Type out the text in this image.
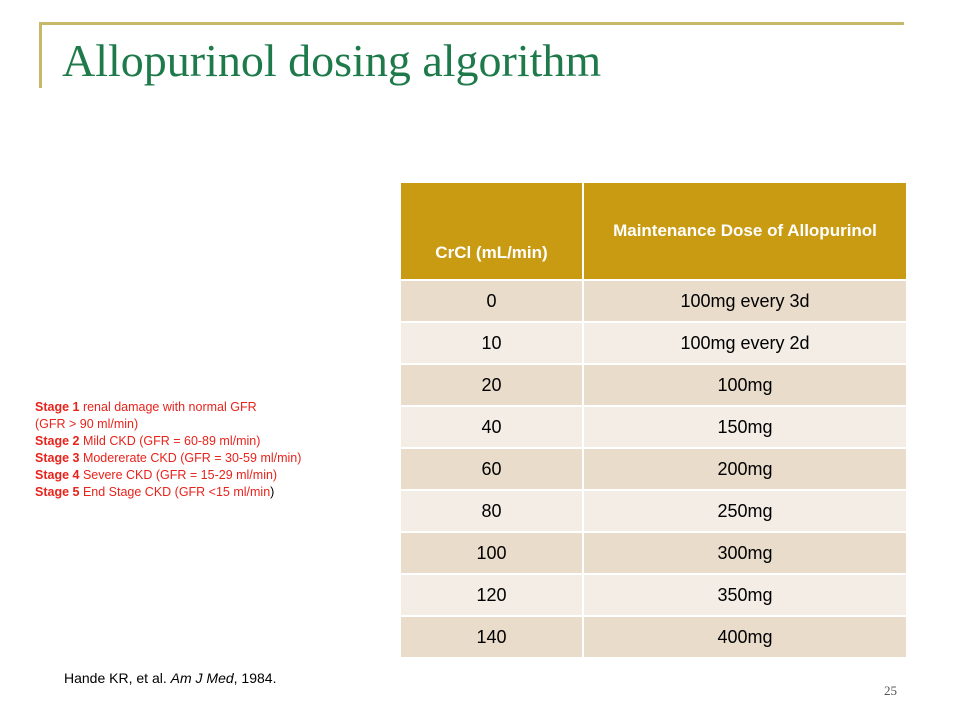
Allopurinol dosing algorithm
CrCl (mL/min)	Maintenance Dose of Allopurinol
0	100mg every 3d
10	100mg every 2d
20	100mg
40	150mg
60	200mg
80	250mg
100	300mg
120	350mg
140	400mg
Stage 1 renal damage with normal GFR
(GFR > 90 ml/min)
Stage 2 Mild CKD (GFR = 60-89 ml/min)
Stage 3 Modererate CKD (GFR = 30-59 ml/min)
Stage 4 Severe CKD (GFR = 15-29 ml/min)
Stage 5 End Stage CKD (GFR <15 ml/min)
Hande KR, et al. Am J Med, 1984.
25
